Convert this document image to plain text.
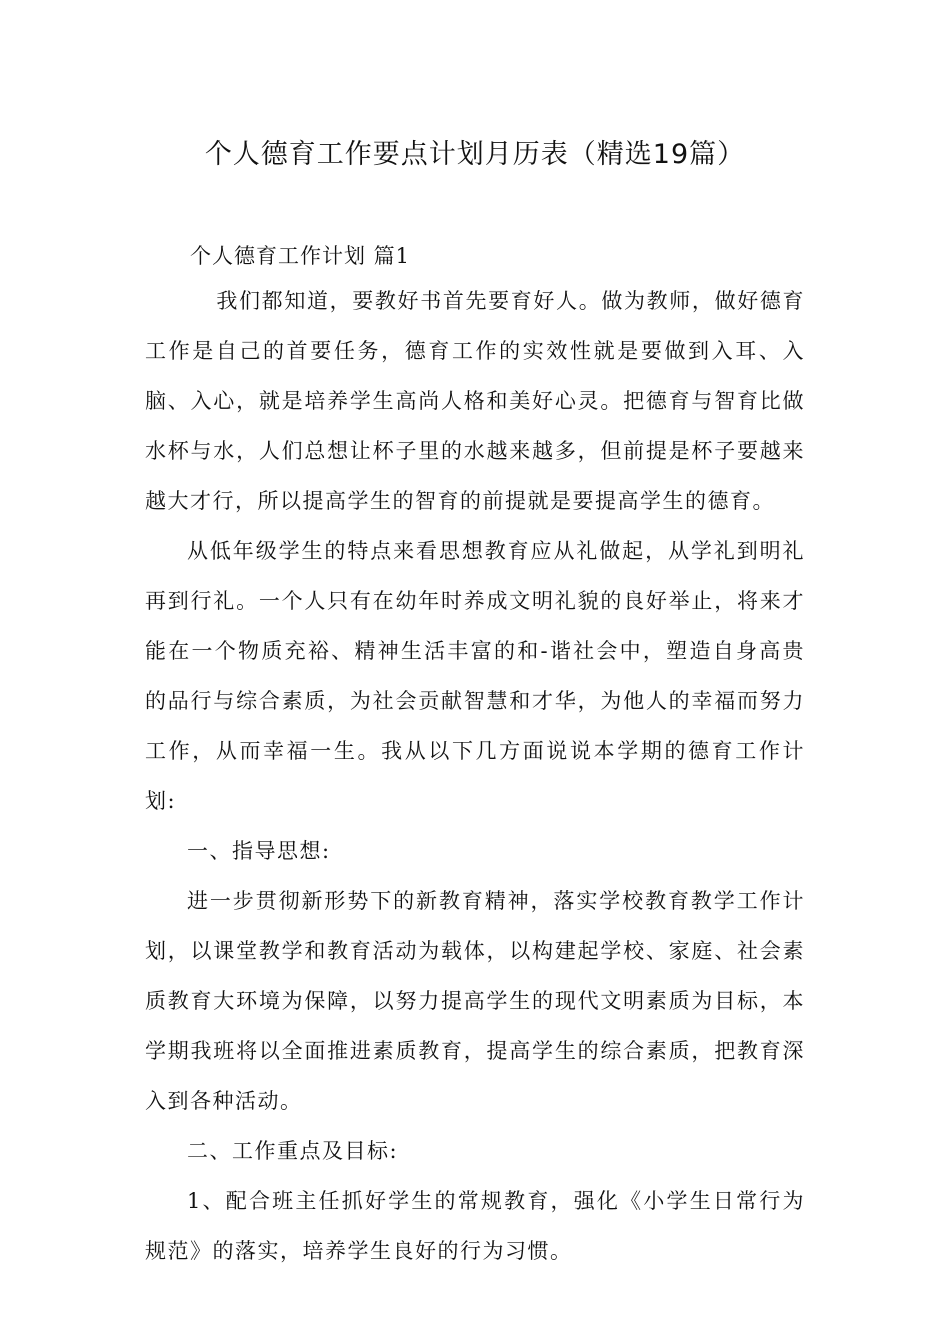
个人德育工作要点计划月历表（精选19篇）
个人德育工作计划 篇1

我们都知道，要教好书首先要育好人。做为教师，做好德育工作是自己的首要任务，德育工作的实效性就是要做到入耳、入脑、入心，就是培养学生高尚人格和美好心灵。把德育与智育比做水杯与水，人们总想让杯子里的水越来越多，但前提是杯子要越来越大才行，所以提高学生的智育的前提就是要提高学生的德育。

从低年级学生的特点来看思想教育应从礼做起，从学礼到明礼再到行礼。一个人只有在幼年时养成文明礼貌的良好举止，将来才能在一个物质充裕、精神生活丰富的和-谐社会中，塑造自身高贵的品行与综合素质，为社会贡献智慧和才华，为他人的幸福而努力工作，从而幸福一生。我从以下几方面说说本学期的德育工作计划:

一、指导思想:

进一步贯彻新形势下的新教育精神，落实学校教育教学工作计划，以课堂教学和教育活动为载体，以构建起学校、家庭、社会素质教育大环境为保障，以努力提高学生的现代文明素质为目标，本学期我班将以全面推进素质教育，提高学生的综合素质，把教育深入到各种活动。

二、工作重点及目标:

1、配合班主任抓好学生的常规教育，强化《小学生日常行为规范》的落实，培养学生良好的行为习惯。
